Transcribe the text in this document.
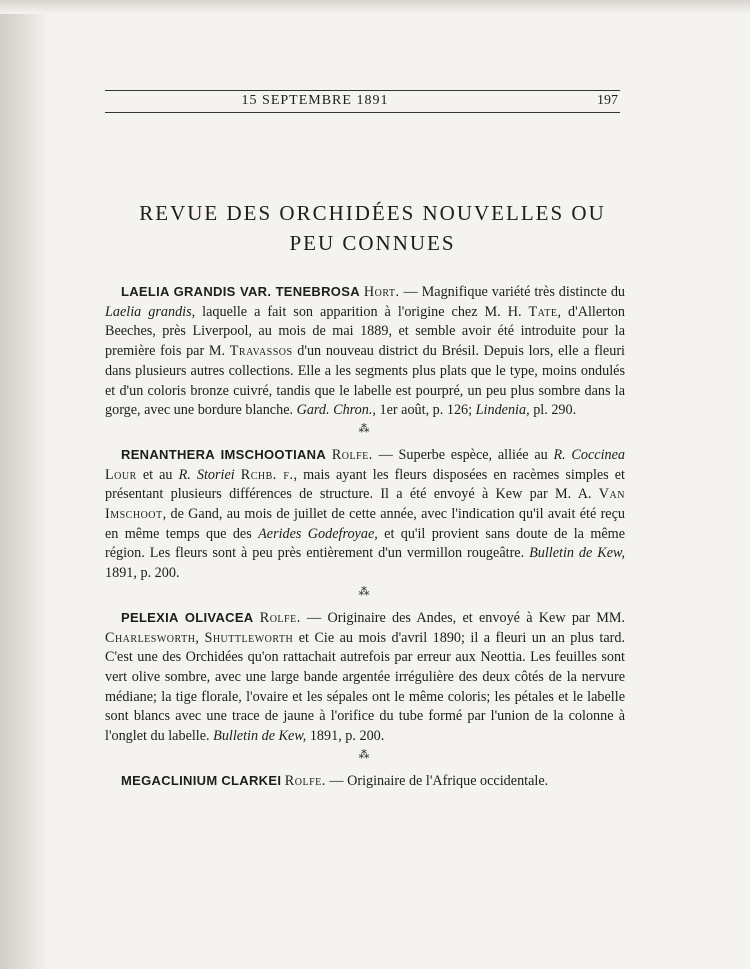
15 SEPTEMBRE 1891	197
REVUE DES ORCHIDÉES NOUVELLES OU
PEU CONNUES

LAELIA GRANDIS VAR. TENEBROSA Hort. — Magnifique variété très distincte du Laelia grandis, laquelle a fait son apparition à l'origine chez M. H. Tate, d'Allerton Beeches, près Liverpool, au mois de mai 1889, et semble avoir été introduite pour la première fois par M. Travassos d'un nouveau district du Brésil. Depuis lors, elle a fleuri dans plusieurs autres collections. Elle a les segments plus plats que le type, moins ondulés et d'un coloris bronze cuivré, tandis que le labelle est pourpré, un peu plus sombre dans la gorge, avec une bordure blanche. Gard. Chron., 1er août, p. 126; Lindenia, pl. 290.

⁂

RENANTHERA IMSCHOOTIANA Rolfe. — Superbe espèce, alliée au R. Coccinea Lour et au R. Storiei Rchb. f., mais ayant les fleurs disposées en racèmes simples et présentant plusieurs différences de structure. Il a été envoyé à Kew par M. A. Van Imschoot, de Gand, au mois de juillet de cette année, avec l'indication qu'il avait été reçu en même temps que des Aerides Godefroyae, et qu'il provient sans doute de la même région. Les fleurs sont à peu près entièrement d'un vermillon rougeâtre. Bulletin de Kew, 1891, p. 200.

⁂

PELEXIA OLIVACEA Rolfe. — Originaire des Andes, et envoyé à Kew par MM. Charlesworth, Shuttleworth et Cie au mois d'avril 1890; il a fleuri un an plus tard. C'est une des Orchidées qu'on rattachait autrefois par erreur aux Neottia. Les feuilles sont vert olive sombre, avec une large bande argentée irrégulière des deux côtés de la nervure médiane; la tige florale, l'ovaire et les sépales ont le même coloris; les pétales et le labelle sont blancs avec une trace de jaune à l'orifice du tube formé par l'union de la colonne à l'onglet du labelle. Bulletin de Kew, 1891, p. 200.

⁂

MEGACLINIUM CLARKEI Rolfe. — Originaire de l'Afrique occidentale.
